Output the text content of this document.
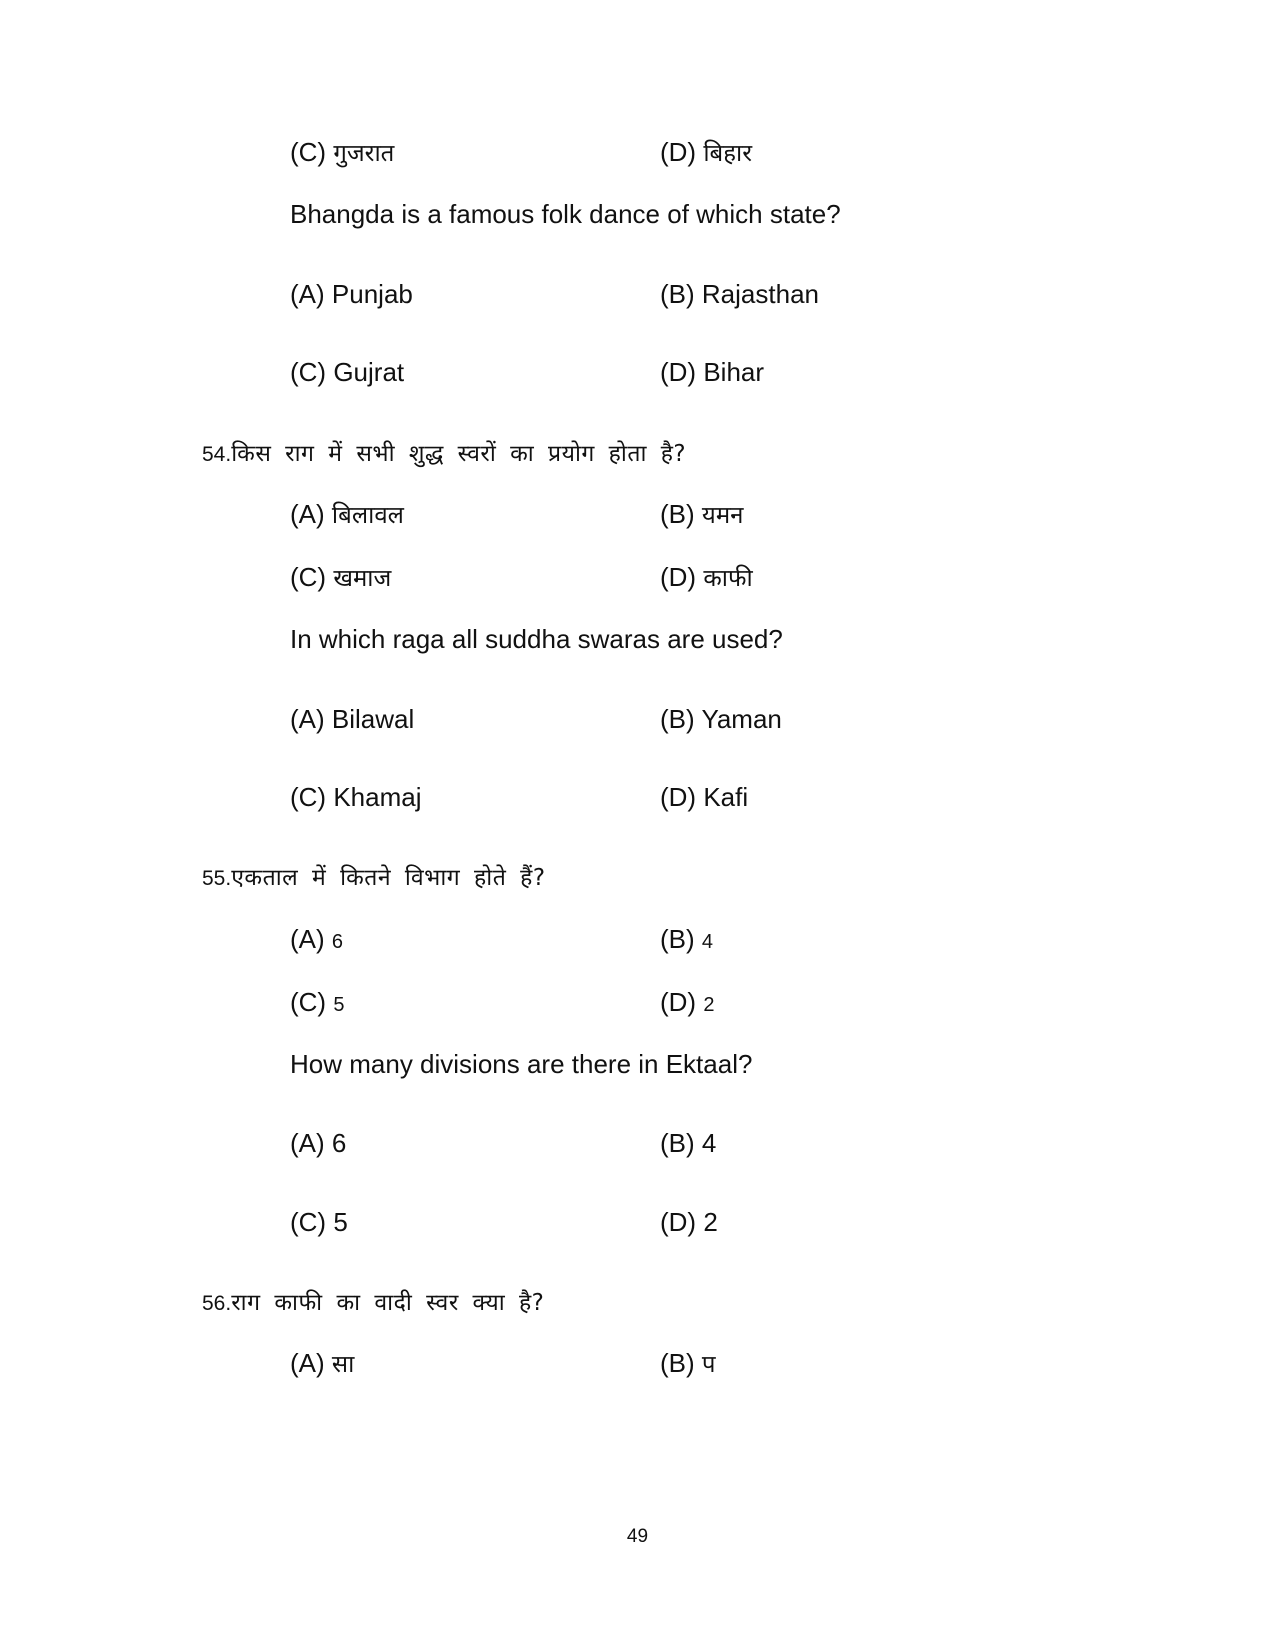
(C) गुजरात	(D) बिहार
Bhangda is a famous folk dance of which state?
(A) Punjab	(B) Rajasthan
(C) Gujrat	(D) Bihar
54.किस राग में सभी शुद्ध स्वरों का प्रयोग होता है?
(A) बिलावल	(B) यमन
(C) खमाज	(D) काफी
In which raga all suddha swaras are used?
(A) Bilawal	(B) Yaman
(C) Khamaj	(D) Kafi
55.एकताल में कितने विभाग होते हैं?
(A) 6	(B) 4
(C) 5	(D) 2
How many divisions are there in Ektaal?
(A) 6	(B) 4
(C) 5	(D) 2
56.राग काफी का वादी स्वर क्या है?
(A) सा	(B) प
49
